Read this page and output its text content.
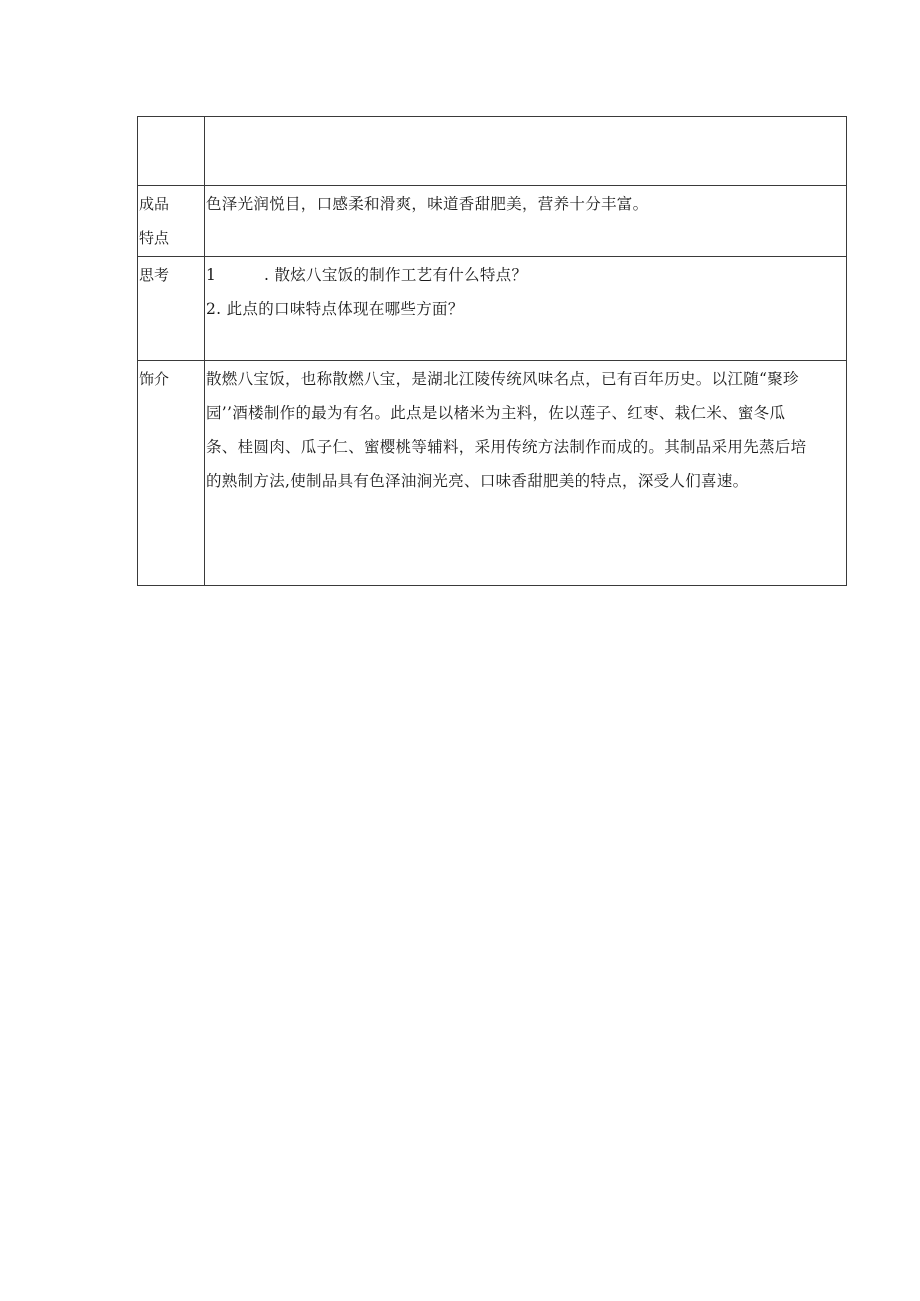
成品
特点	色泽光润悦目，口感柔和滑爽，味道香甜肥美，营养十分丰富。

思考	1 . 散炫八宝饭的制作工艺有什么特点？
2. 此点的口味特点体现在哪些方面？

饰介	散燃八宝饭，也称散燃八宝，是湖北江陵传统风味名点，已有百年历史。以江随“聚珍
园’’酒楼制作的最为有名。此点是以楮米为主料，佐以莲子、红枣、栽仁米、蜜冬瓜
条、桂圆肉、瓜子仁、蜜樱桃等辅料，采用传统方法制作而成的。其制品采用先蒸后培
的熟制方法,使制品具有色泽油涧光亮、口味香甜肥美的特点，深受人们喜速。
